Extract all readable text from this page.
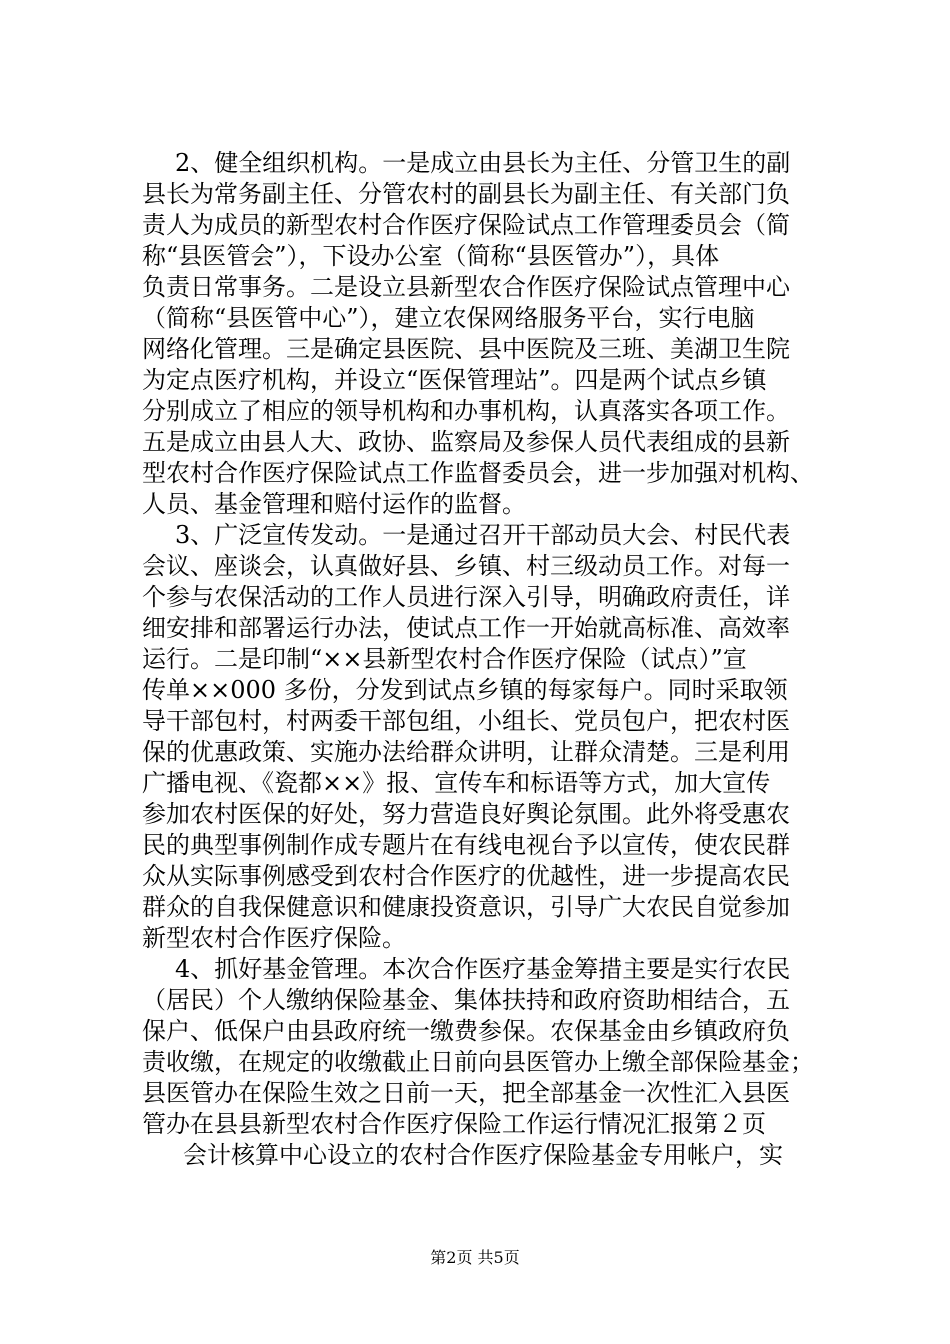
2、健全组织机构。一是成立由县长为主任、分管卫生的副
县长为常务副主任、分管农村的副县长为副主任、有关部门负
责人为成员的新型农村合作医疗保险试点工作管理委员会（简
称“县医管会”），下设办公室（简称“县医管办”），具体
负责日常事务。二是设立县新型农合作医疗保险试点管理中心
（简称“县医管中心”），建立农保网络服务平台，实行电脑
网络化管理。三是确定县医院、县中医院及三班、美湖卫生院
为定点医疗机构，并设立“医保管理站”。四是两个试点乡镇
分别成立了相应的领导机构和办事机构，认真落实各项工作。
五是成立由县人大、政协、监察局及参保人员代表组成的县新
型农村合作医疗保险试点工作监督委员会，进一步加强对机构、
人员、基金管理和赔付运作的监督。
3、广泛宣传发动。一是通过召开干部动员大会、村民代表
会议、座谈会，认真做好县、乡镇、村三级动员工作。对每一
个参与农保活动的工作人员进行深入引导，明确政府责任，详
细安排和部署运行办法，使试点工作一开始就高标准、高效率
运行。二是印制“××县新型农村合作医疗保险（试点）”宣
传单××000 多份，分发到试点乡镇的每家每户。同时采取领
导干部包村，村两委干部包组，小组长、党员包户，把农村医
保的优惠政策、实施办法给群众讲明，让群众清楚。三是利用
广播电视、《瓷都××》报、宣传车和标语等方式，加大宣传
参加农村医保的好处，努力营造良好舆论氛围。此外将受惠农
民的典型事例制作成专题片在有线电视台予以宣传，使农民群
众从实际事例感受到农村合作医疗的优越性，进一步提高农民
群众的自我保健意识和健康投资意识，引导广大农民自觉参加
新型农村合作医疗保险。
4、抓好基金管理。本次合作医疗基金筹措主要是实行农民
（居民）个人缴纳保险基金、集体扶持和政府资助相结合，五
保户、低保户由县政府统一缴费参保。农保基金由乡镇政府负
责收缴，在规定的收缴截止日前向县医管办上缴全部保险基金；
县医管办在保险生效之日前一天，把全部基金一次性汇入县医
管办在县县新型农村合作医疗保险工作运行情况汇报第２页
会计核算中心设立的农村合作医疗保险基金专用帐户，实
第2页 共5页
